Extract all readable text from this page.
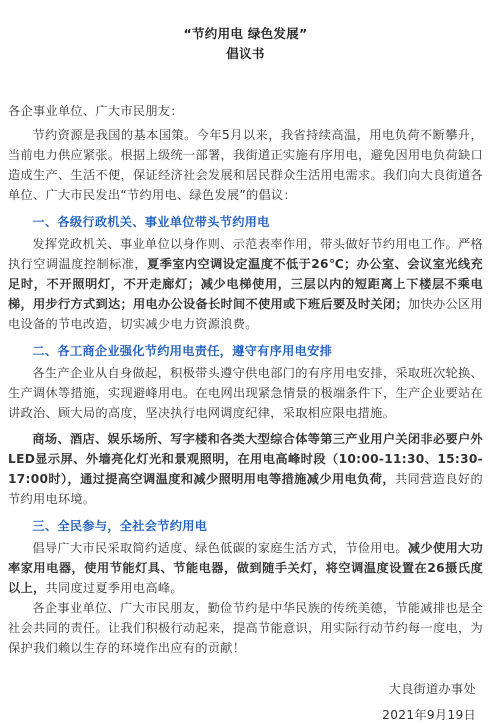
“节约用电 绿色发展”
倡议书
各企事业单位、广大市民朋友：

节约资源是我国的基本国策。今年5月以来，我省持续高温，用电负荷不断攀升，当前电力供应紧张。根据上级统一部署，我街道正实施有序用电，避免因用电负荷缺口造成生产、生活不便，保证经济社会发展和居民群众生活用电需求。我们向大良街道各单位、广大市民发出“节约用电、绿色发展”的倡议：

一、各级行政机关、事业单位带头节约用电

发挥党政机关、事业单位以身作则、示范表率作用，带头做好节约用电工作。严格执行空调温度控制标准，夏季室内空调设定温度不低于26℃；办公室、会议室光线充足时，不开照明灯，不开走廊灯；减少电梯使用，三层以内的短距离上下楼层不乘电梯，用步行方式到达；用电办公设备长时间不使用或下班后要及时关闭；加快办公区用电设备的节电改造，切实减少电力资源浪费。

二、各工商企业强化节约用电责任，遵守有序用电安排

各生产企业从自身做起，积极带头遵守供电部门的有序用电安排，采取班次轮换、生产调休等措施，实现避峰用电。在电网出现紧急情景的极端条件下，生产企业要站在讲政治、顾大局的高度，坚决执行电网调度纪律，采取相应限电措施。

商场、酒店、娱乐场所、写字楼和各类大型综合体等第三产业用户关闭非必要户外LED显示屏、外墙亮化灯光和景观照明，在用电高峰时段（10:00-11:30、15:30-17:00时），通过提高空调温度和减少照明用电等措施减少用电负荷，共同营造良好的节约用电环境。

三、全民参与，全社会节约用电

倡导广大市民采取简约适度、绿色低碳的家庭生活方式，节俭用电。减少使用大功率家用电器，使用节能灯具、节能电器，做到随手关灯，将空调温度设置在26摄氏度以上，共同度过夏季用电高峰。

各企事业单位、广大市民朋友，勤俭节约是中华民族的传统美德，节能减排也是全社会共同的责任。让我们积极行动起来，提高节能意识，用实际行动节约每一度电，为保护我们赖以生存的环境作出应有的贡献！

大良街道办事处
2021年9月19日
